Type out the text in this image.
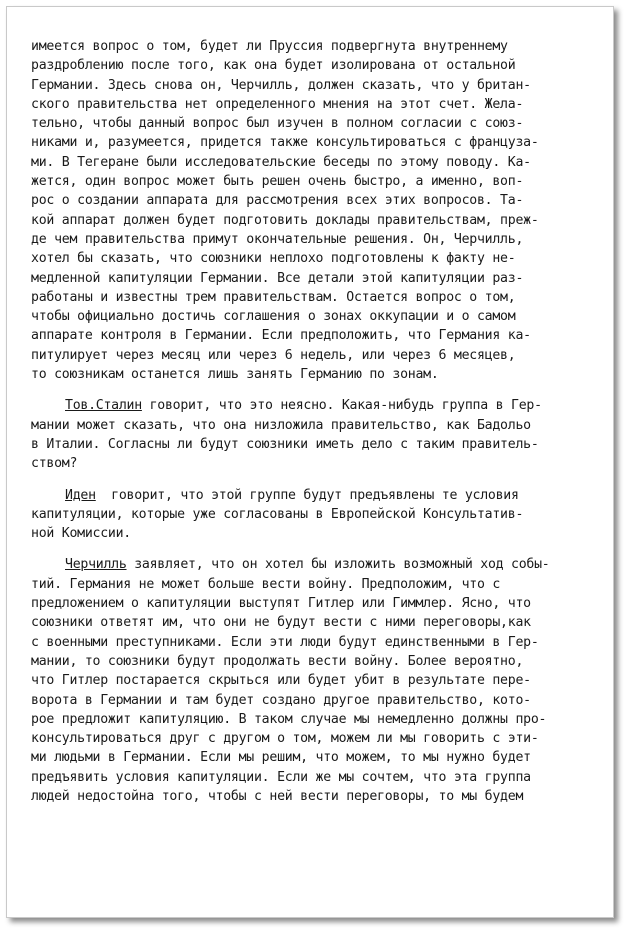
имеется вопрос о том, будет ли Пруссия подвергнута внутреннему
раздроблению после того, как она будет изолирована от остальной
Германии. Здесь снова он, Черчилль, должен сказать, что у британ-
ского правительства нет определенного мнения на этот счет. Жела-
тельно, чтобы данный вопрос был изучен в полном согласии с союз-
никами и, разумеется, придется также консультироваться с француза-
ми. В Тегеране были исследовательские беседы по этому поводу. Ка-
жется, один вопрос может быть решен очень быстро, а именно, воп-
рос о создании аппарата для рассмотрения всех этих вопросов. Та-
кой аппарат должен будет подготовить доклады правительствам, преж-
де чем правительства примут окончательные решения. Он, Черчилль,
хотел бы сказать, что союзники неплохо подготовлены к факту не-
медленной капитуляции Германии. Все детали этой капитуляции раз-
работаны и известны трем правительствам. Остается вопрос о том,
чтобы официально достичь соглашения о зонах оккупации и о самом
аппарате контроля в Германии. Если предположить, что Германия ка-
питулирует через месяц или через 6 недель, или через 6 месяцев,
то союзникам останется лишь занять Германию по зонам.
Тов.Сталин говорит, что это неясно. Какая-нибудь группа в Гер-
мании может сказать, что она низложила правительство, как Бадольо
в Италии. Согласны ли будут союзники иметь дело с таким правитель-
ством?
Иден  говорит, что этой группе будут предъявлены те условия
капитуляции, которые уже согласованы в Европейской Консультатив-
ной Комиссии.
Черчилль заявляет, что он хотел бы изложить возможный ход собы-
тий. Германия не может больше вести войну. Предположим, что с
предложением о капитуляции выступят Гитлер или Гиммлер. Ясно, что
союзники ответят им, что они не будут вести с ними переговоры,как
с военными преступниками. Если эти люди будут единственными в Гер-
мании, то союзники будут продолжать вести войну. Более вероятно,
что Гитлер постарается скрыться или будет убит в результате пере-
ворота в Германии и там будет создано другое правительство, кото-
рое предложит капитуляцию. В таком случае мы немедленно должны про-
консультироваться друг с другом о том, можем ли мы говорить с эти-
ми людьми в Германии. Если мы решим, что можем, то мы нужно будет
предъявить условия капитуляции. Если же мы сочтем, что эта группа
людей недостойна того, чтобы с ней вести переговоры, то мы будем
